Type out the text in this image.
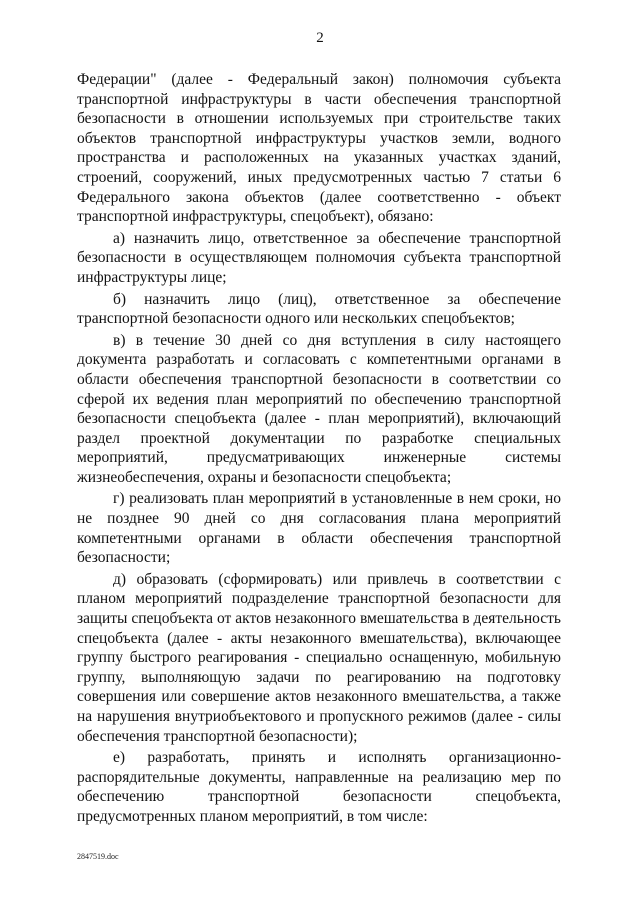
2

Федерации" (далее - Федеральный закон) полномочия субъекта транспортной инфраструктуры в части обеспечения транспортной безопасности в отношении используемых при строительстве таких объектов транспортной инфраструктуры участков земли, водного пространства и расположенных на указанных участках зданий, строений, сооружений, иных предусмотренных частью 7 статьи 6 Федерального закона объектов (далее соответственно - объект транспортной инфраструктуры, спецобъект), обязано:

а) назначить лицо, ответственное за обеспечение транспортной безопасности в осуществляющем полномочия субъекта транспортной инфраструктуры лице;

б) назначить лицо (лиц), ответственное за обеспечение транспортной безопасности одного или нескольких спецобъектов;

в) в течение 30 дней со дня вступления в силу настоящего документа разработать и согласовать с компетентными органами в области обеспечения транспортной безопасности в соответствии со сферой их ведения план мероприятий по обеспечению транспортной безопасности спецобъекта (далее - план мероприятий), включающий раздел проектной документации по разработке специальных мероприятий, предусматривающих инженерные системы жизнеобеспечения, охраны и безопасности спецобъекта;

г) реализовать план мероприятий в установленные в нем сроки, но не позднее 90 дней со дня согласования плана мероприятий компетентными органами в области обеспечения транспортной безопасности;

д) образовать (сформировать) или привлечь в соответствии с планом мероприятий подразделение транспортной безопасности для защиты спецобъекта от актов незаконного вмешательства в деятельность спецобъекта (далее - акты незаконного вмешательства), включающее группу быстрого реагирования - специально оснащенную, мобильную группу, выполняющую задачи по реагированию на подготовку совершения или совершение актов незаконного вмешательства, а также на нарушения внутриобъектового и пропускного режимов (далее - силы обеспечения транспортной безопасности);

е) разработать, принять и исполнять организационно-распорядительные документы, направленные на реализацию мер по обеспечению транспортной безопасности спецобъекта, предусмотренных планом мероприятий, в том числе:

2847519.doc
